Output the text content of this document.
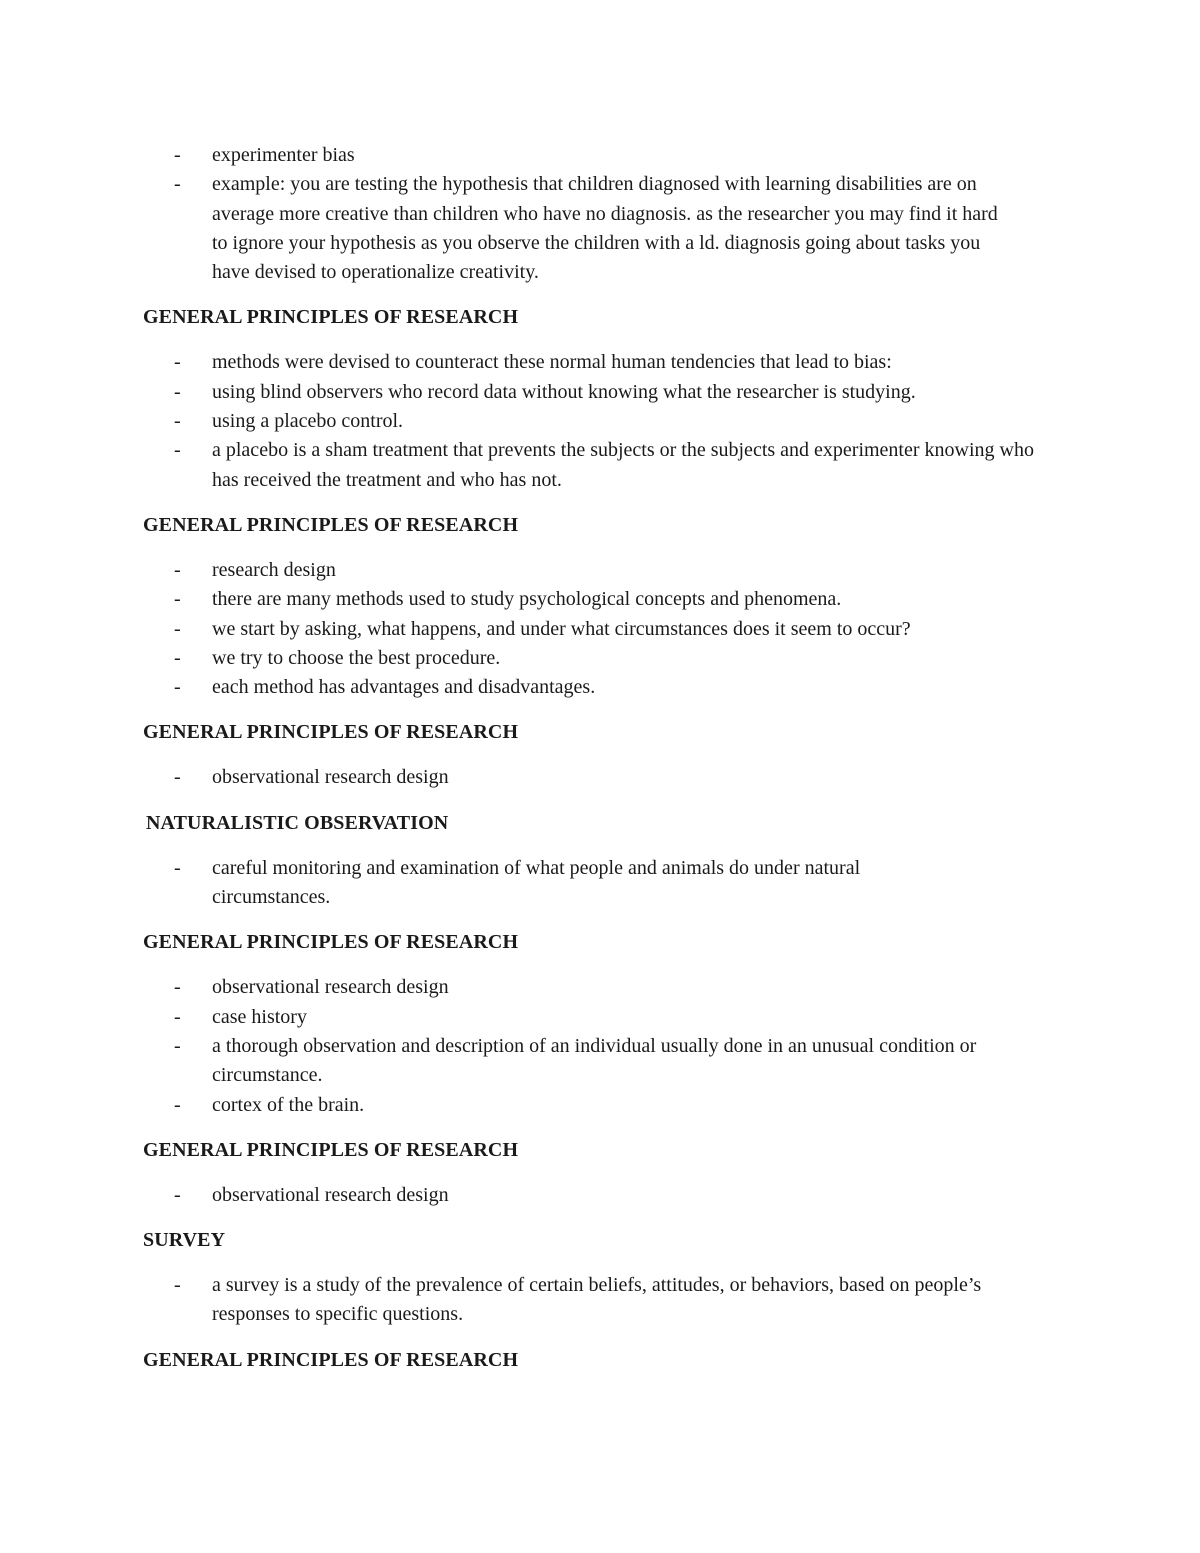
- experimenter bias
- example: you are testing the hypothesis that children diagnosed with learning disabilities are on average more creative than children who have no diagnosis. as the researcher you may find it hard to ignore your hypothesis as you observe the children with a ld. diagnosis going about tasks you have devised to operationalize creativity.
GENERAL PRINCIPLES OF RESEARCH
- methods were devised to counteract these normal human tendencies that lead to bias:
- using blind observers who record data without knowing what the researcher is studying.
- using a placebo control.
- a placebo is a sham treatment that prevents the subjects or the subjects and experimenter knowing who has received the treatment and who has not.
GENERAL PRINCIPLES OF RESEARCH
- research design
- there are many methods used to study psychological concepts and phenomena.
- we start by asking, what happens, and under what circumstances does it seem to occur?
- we try to choose the best procedure.
- each method has advantages and disadvantages.
GENERAL PRINCIPLES OF RESEARCH
- observational research design
NATURALISTIC OBSERVATION
- careful monitoring and examination of what people and animals do under natural circumstances.
GENERAL PRINCIPLES OF RESEARCH
- observational research design
- case history
- a thorough observation and description of an individual usually done in an unusual condition or circumstance.
- cortex of the brain.
GENERAL PRINCIPLES OF RESEARCH
- observational research design
SURVEY
- a survey is a study of the prevalence of certain beliefs, attitudes, or behaviors, based on people’s responses to specific questions.
GENERAL PRINCIPLES OF RESEARCH
